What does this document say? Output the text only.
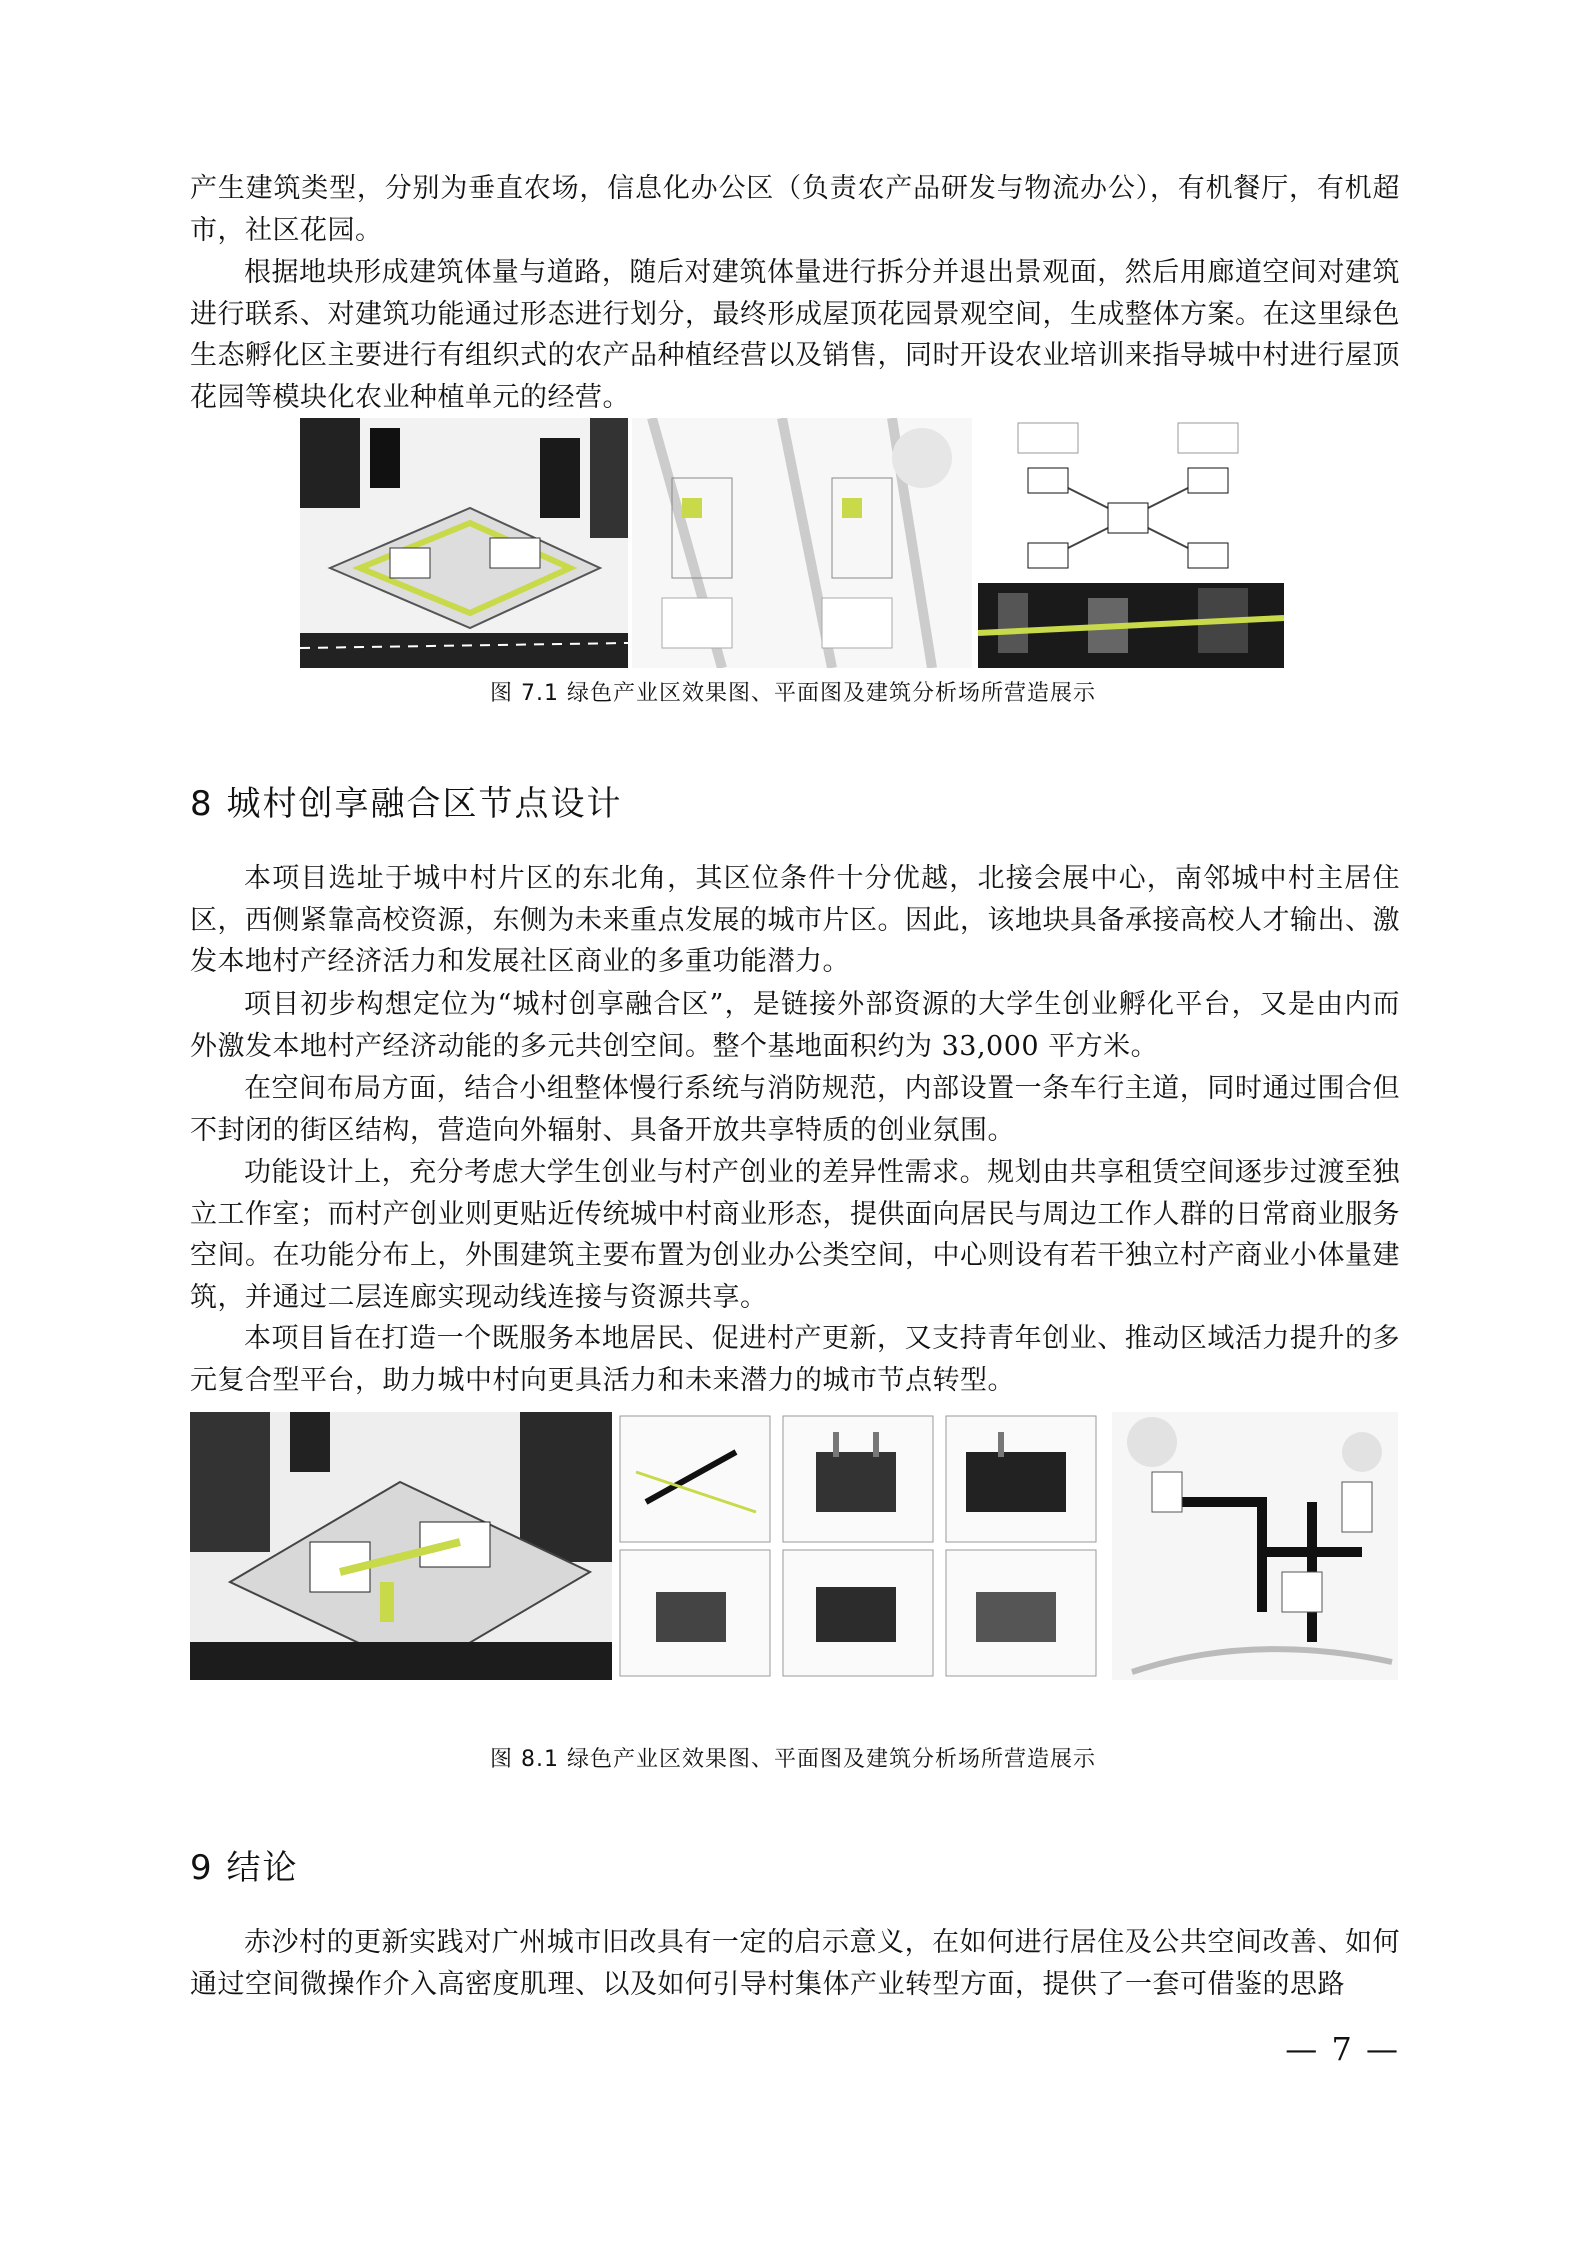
产生建筑类型，分别为垂直农场，信息化办公区（负责农产品研发与物流办公），有机餐厅，有机超市，社区花园。

根据地块形成建筑体量与道路，随后对建筑体量进行拆分并退出景观面，然后用廊道空间对建筑进行联系、对建筑功能通过形态进行划分，最终形成屋顶花园景观空间，生成整体方案。在这里绿色生态孵化区主要进行有组织式的农产品种植经营以及销售，同时开设农业培训来指导城中村进行屋顶花园等模块化农业种植单元的经营。

图 7.1 绿色产业区效果图、平面图及建筑分析场所营造展示

8 城村创享融合区节点设计

本项目选址于城中村片区的东北角，其区位条件十分优越，北接会展中心，南邻城中村主居住区，西侧紧靠高校资源，东侧为未来重点发展的城市片区。因此，该地块具备承接高校人才输出、激发本地村产经济活力和发展社区商业的多重功能潜力。

项目初步构想定位为“城村创享融合区”，是链接外部资源的大学生创业孵化平台，又是由内而外激发本地村产经济动能的多元共创空间。整个基地面积约为 33,000 平方米。

在空间布局方面，结合小组整体慢行系统与消防规范，内部设置一条车行主道，同时通过围合但不封闭的街区结构，营造向外辐射、具备开放共享特质的创业氛围。

功能设计上，充分考虑大学生创业与村产创业的差异性需求。规划由共享租赁空间逐步过渡至独立工作室；而村产创业则更贴近传统城中村商业形态，提供面向居民与周边工作人群的日常商业服务空间。在功能分布上，外围建筑主要布置为创业办公类空间，中心则设有若干独立村产商业小体量建筑，并通过二层连廊实现动线连接与资源共享。

本项目旨在打造一个既服务本地居民、促进村产更新，又支持青年创业、推动区域活力提升的多元复合型平台，助力城中村向更具活力和未来潜力的城市节点转型。

图 8.1 绿色产业区效果图、平面图及建筑分析场所营造展示

9 结论

赤沙村的更新实践对广州城市旧改具有一定的启示意义，在如何进行居住及公共空间改善、如何通过空间微操作介入高密度肌理、以及如何引导村集体产业转型方面，提供了一套可借鉴的思路

— 7 —
